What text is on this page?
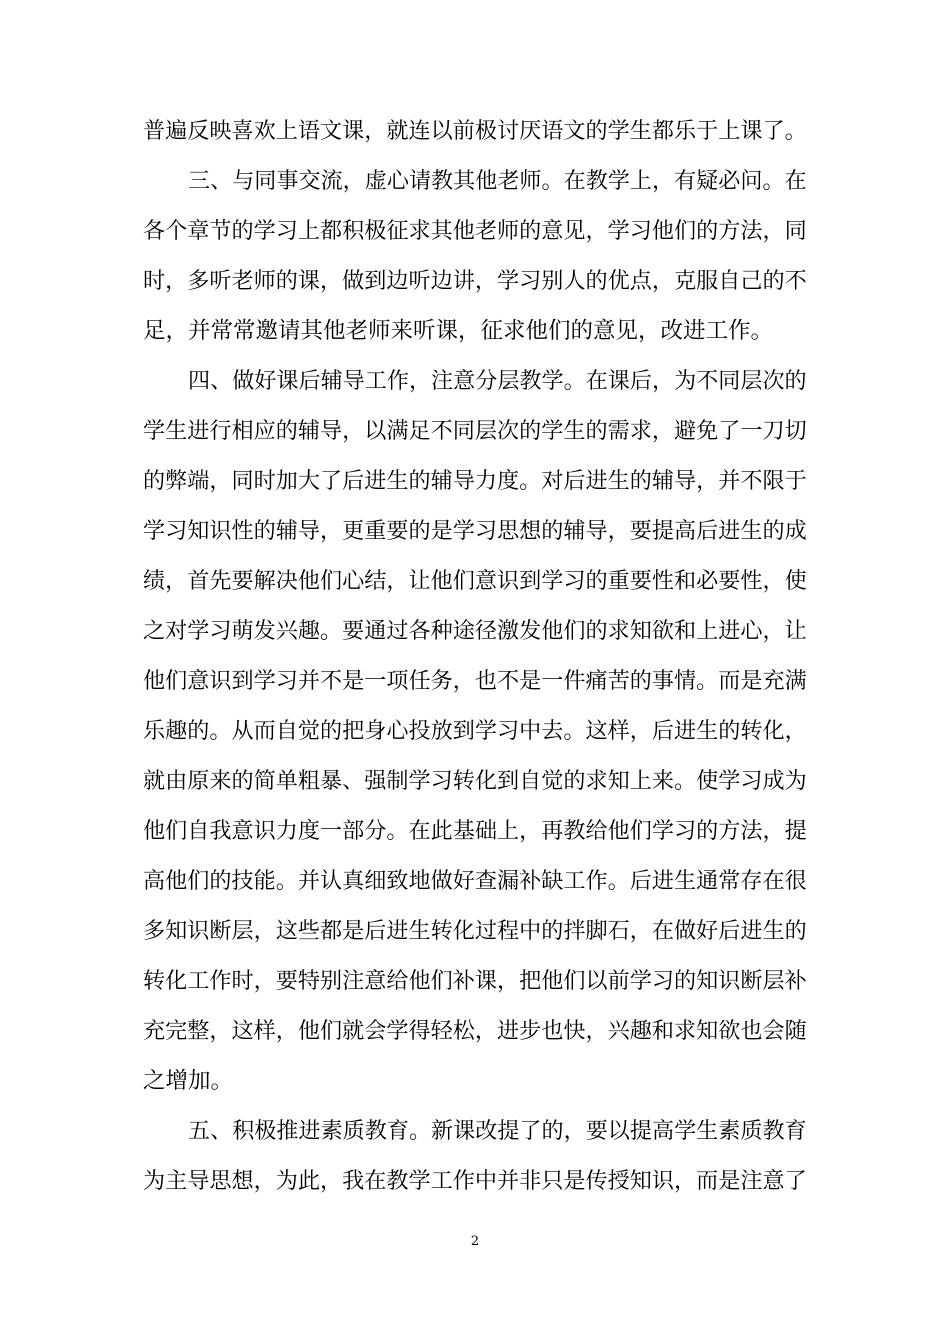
普遍反映喜欢上语文课，就连以前极讨厌语文的学生都乐于上课了。
三、与同事交流，虚心请教其他老师。在教学上，有疑必问。在
各个章节的学习上都积极征求其他老师的意见，学习他们的方法，同
时，多听老师的课，做到边听边讲，学习别人的优点，克服自己的不
足，并常常邀请其他老师来听课，征求他们的意见，改进工作。
四、做好课后辅导工作，注意分层教学。在课后，为不同层次的
学生进行相应的辅导，以满足不同层次的学生的需求，避免了一刀切
的弊端，同时加大了后进生的辅导力度。对后进生的辅导，并不限于
学习知识性的辅导，更重要的是学习思想的辅导，要提高后进生的成
绩，首先要解决他们心结，让他们意识到学习的重要性和必要性，使
之对学习萌发兴趣。要通过各种途径激发他们的求知欲和上进心，让
他们意识到学习并不是一项任务，也不是一件痛苦的事情。而是充满
乐趣的。从而自觉的把身心投放到学习中去。这样，后进生的转化，
就由原来的简单粗暴、强制学习转化到自觉的求知上来。使学习成为
他们自我意识力度一部分。在此基础上，再教给他们学习的方法，提
高他们的技能。并认真细致地做好查漏补缺工作。后进生通常存在很
多知识断层，这些都是后进生转化过程中的拌脚石，在做好后进生的
转化工作时，要特别注意给他们补课，把他们以前学习的知识断层补
充完整，这样，他们就会学得轻松，进步也快，兴趣和求知欲也会随
之增加。
五、积极推进素质教育。新课改提了的，要以提高学生素质教育
为主导思想，为此，我在教学工作中并非只是传授知识，而是注意了
2
